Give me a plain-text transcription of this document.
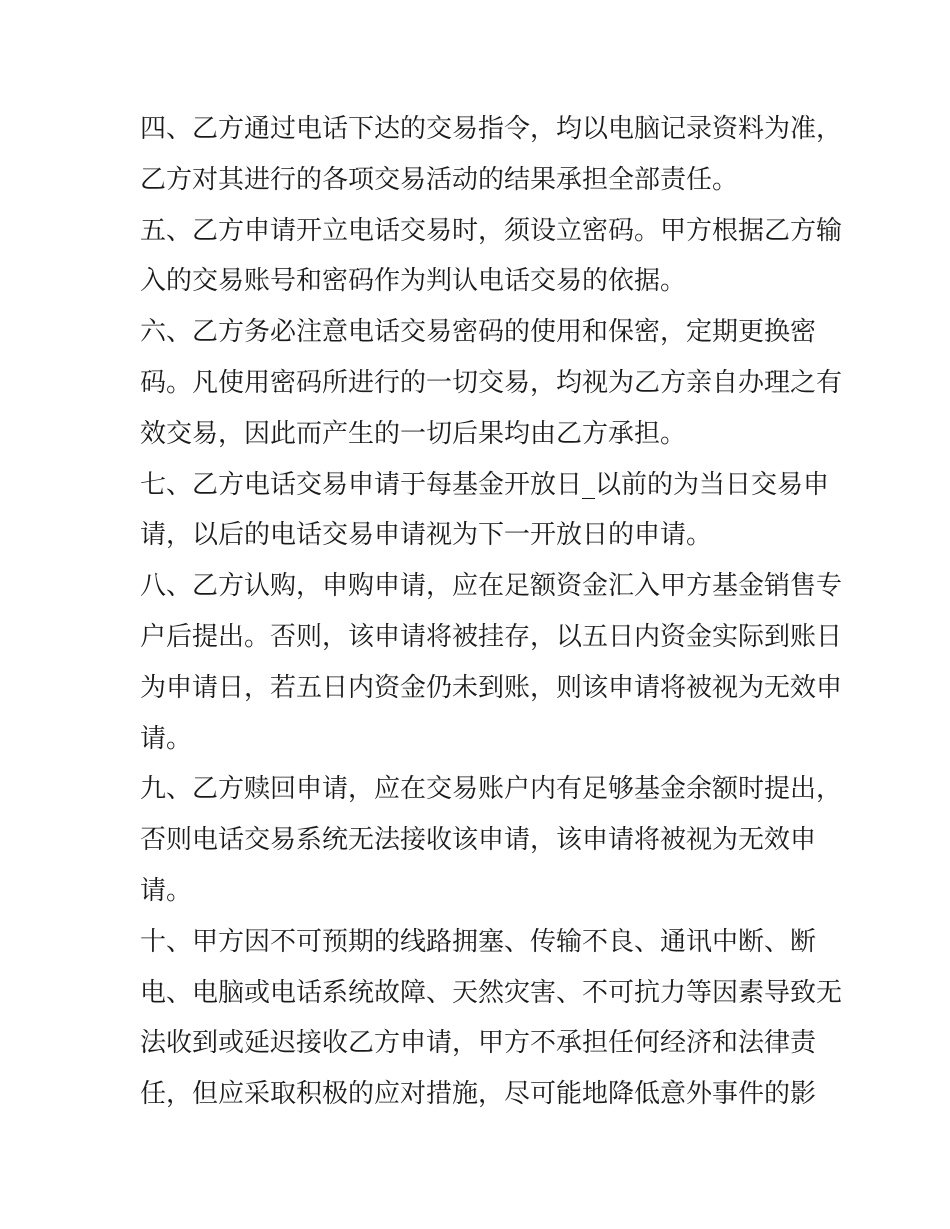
四、乙方通过电话下达的交易指令，均以电脑记录资料为准，
乙方对其进行的各项交易活动的结果承担全部责任。
五、乙方申请开立电话交易时，须设立密码。甲方根据乙方输
入的交易账号和密码作为判认电话交易的依据。
六、乙方务必注意电话交易密码的使用和保密，定期更换密
码。凡使用密码所进行的一切交易，均视为乙方亲自办理之有
效交易，因此而产生的一切后果均由乙方承担。
七、乙方电话交易申请于每基金开放日_以前的为当日交易申
请，以后的电话交易申请视为下一开放日的申请。
八、乙方认购，申购申请，应在足额资金汇入甲方基金销售专
户后提出。否则，该申请将被挂存，以五日内资金实际到账日
为申请日，若五日内资金仍未到账，则该申请将被视为无效申
请。
九、乙方赎回申请，应在交易账户内有足够基金余额时提出，
否则电话交易系统无法接收该申请，该申请将被视为无效申
请。
十、甲方因不可预期的线路拥塞、传输不良、通讯中断、断
电、电脑或电话系统故障、天然灾害、不可抗力等因素导致无
法收到或延迟接收乙方申请，甲方不承担任何经济和法律责
任，但应采取积极的应对措施，尽可能地降低意外事件的影
